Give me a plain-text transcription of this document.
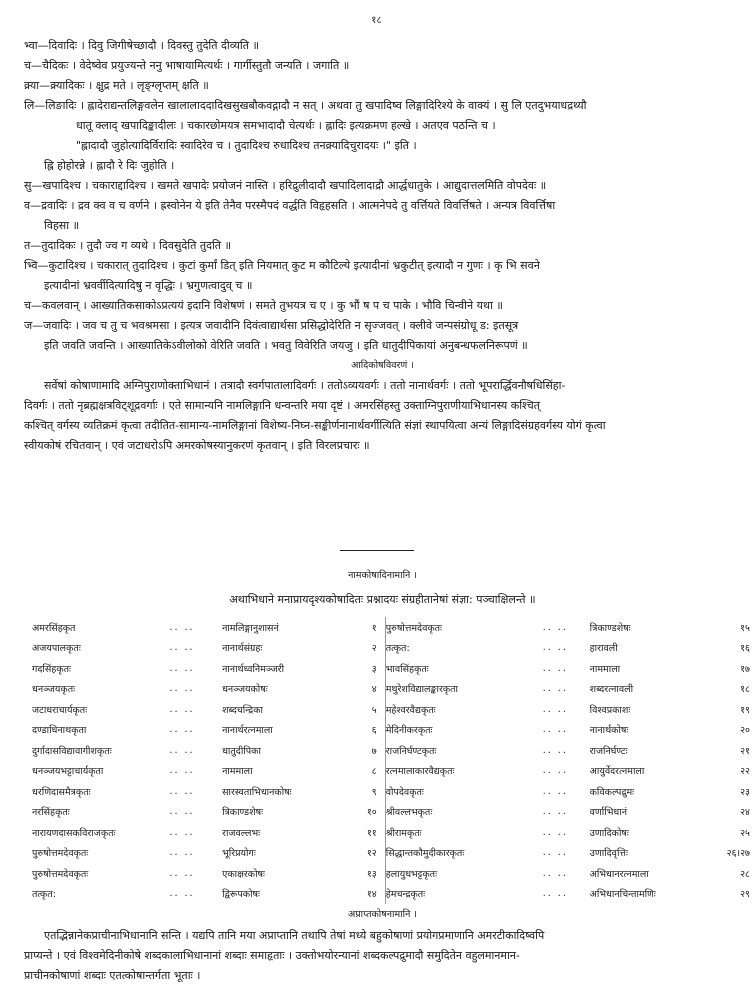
१८
भ्वा—दिवादिः । दिवु जिगीषेच्छादौ । दिवस्तु तुदेति दीव्यति ॥
च—चैदिकः । वेदेष्वेव प्रयुज्यन्ते ननु भाषायामित्यर्थः । गार्गीस्तुतौ जन्यति । जगाति ॥
क्र्या—क्र्यादिकः । क्षुद्र मते । लृङ्ग्लृप्तम् क्षति ॥
लि—लिङादिः । ह्लादेराद्यन्तलिङ्गवलेन खालालाददादिखसुखबौकवद्गादौ न सत् । अथवा तु खपादिष्व लिङ्गादिरिश्ये के वाक्यं । सु लि एतदुभयाधद्रथ्यौ
धातू क्लाद् खपादिङ्कादीलः । चकारछोमयत्र समभादादौ चेत्यर्थः । ह्लादिः इत्यक्रमण हल्खे । अतएव पठन्ति च ।
"ह्लादादौ जुहोत्यादिर्विरादिः स्वादिरेव च । तुदादिश्च रुधादिश्च तनक्र्यादिचुरादयः ।" इति ।
ह्लि होहोरन्ने । ह्लादौ रे दिः जुहोति ।
सु—खपादिश्च । चकाराद्दादिश्च । खमते खपादेः प्रयोजनं नास्ति । हरिद्रुलीदादौ खपादिलादाद्रौ आर्द्धधातुके । आद्युदात्तलमिति वोपदेवः ॥
व—द्रवादिः । द्रव क्व व च वर्णने । ह्रस्वोनेन ये इति तेनैव परस्मैपदं वर्द्धति विहृहसति । आत्मनेपदे तु वर्त्तियते विवर्त्तिषते । अन्यत्र विवर्त्तिषा
विहसा ॥
त—तुदादिकः । तुदौ ज्व ग व्यथे । दिवसुदेति तुदति ॥
भ्वि—कुटादिश्च । चकारात् तुदादिश्च । कुटां कुर्मां डित् इति नियमात् कुट म कौटिल्ये इत्यादीनां भ्रकुटीत् इत्यादौ न गुणः । कृ भि सवने
इत्यादीनां भ्रवर्वीदित्यादिषु न वृद्धिः । भ्रगुणत्वादुव् च ॥
च—कवलवान् । आख्यातिकसाकोऽप्रत्ययं इदानि विशेषणं । समते तुभयत्र च ए । कु भौं ष प च पाके । भौवि चिन्वीने यथा ॥
ज—जवादिः । जव च तु च भवश्रमसा । इत्यत्र जवादीनि दिवंत्वाद्यार्थसा प्रसिद्धोदेरिति न सृज्जवत् । क्लीवे जन्पसंग्रोधू ड: इतसूत्र
इति जवति जवन्ति । आख्यातिकेऽवीलोको वेरिति जवति । भवतु विवेरिति जयजु । इति धातुदीपिकायां अनुबन्धफलनिरूपणं ॥
आदिकोषविवरणं ।
सर्वेषां कोषाणामादि अग्निपुराणोक्ताभिधानं । तत्रादौ स्वर्गपातालादिवर्गः । ततोऽव्ययवर्गः । ततो नानार्थवर्गः । ततो भूपरार्द्धिवनौषधिसिंहा-
दिवर्गः । ततो नृब्रह्मक्षत्रविट्शूद्रवर्गाः । एते सामान्यनि नामलिङ्गानि धन्वन्तरि मया दृष्टं । अमरसिंहस्तु उक्ताग्निपुराणीयाभिधानस्य कश्चित्
कश्चित् वर्गस्य व्यतिक्रमं कृत्वा तदीतित-सामान्य-नामलिङ्गानां विशेष्य-निघ्न-सङ्कीर्णनानार्थवर्गीत्यिति संज्ञां स्थापयित्वा अन्यं लिङ्गादिसंग्रहवर्गस्य योगं कृत्वा
स्वीयकोषं रचितवान् । एवं जटाधरोऽपि अमरकोषस्यानुकरणं कृतवान् । इति विरलप्रचारः ॥
नामकोषादिनामानि ।
अथाभिधाने मनाप्रायदृश्यकोषादितः प्रश्नादयः संग्रहीतानेषां संज्ञा: पञ्चाक्षिलन्ते ॥
अमरसिंहकृत	.. ..	नामलिङ्गानुशासनं	१	पुरुषोत्तमदेवकृतः	.. ..	त्रिकाण्डशेषः	१५
अजयपालकृतः	.. ..	नानार्थसंग्रहः	२	तत्कृत:	.. ..	हारावली	१६
गदसिंहकृतः	.. ..	नानार्थध्वनिमञ्जरी	३	भावसिंहकृतः	.. ..	नाममाला	१७
धनञ्जयकृतः	.. ..	धनञ्जयकोषः	४	मथुरेशविद्यालङ्कारकृता	.. ..	शब्दरत्नावली	१८
जटाधराचार्यकृतः	.. ..	शब्दचन्द्रिका	५	महेश्वरवैद्यकृतः	.. ..	विश्वप्रकाशः	१९
दण्डाधिनाथकृता	.. ..	नानार्थरत्नमाला	६	मेदिनीकरकृतः	.. ..	नानार्थकोषः	२०
दुर्गादासविद्यावागीशकृतः	.. ..	धातुदीपिका	७	राजनिर्घण्टकृतः	.. ..	राजनिर्घण्टः	२१
धनञ्जयभट्टाचार्यकृता	.. ..	नाममाला	८	रत्नमालाकारवैद्यकृतः	.. ..	आयुर्वेदरत्नमाला	२२
धरणिदासमैत्रकृतः	.. ..	सारस्वताभिधानकोषः	९	वोपदेवकृतः	.. ..	कविकल्पद्रुमः	२३
नरसिंहकृतः	.. ..	त्रिकाण्डशेषः	१०	श्रीवल्लभकृतः	.. ..	वर्णाभिधानं	२४
नारायणदासकविराजकृतः	.. ..	राजवल्लभः	११	श्रीरामकृतः	.. ..	उणादिकोषः	२५
पुरुषोत्तमदेवकृतः	.. ..	भूरिप्रयोगः	१२	सिद्धान्तकौमुदीकारकृतः	.. ..	उणादिवृत्तिः	२६।२७
पुरुषोत्तमदेवकृतः	.. ..	एकाक्षरकोषः	१३	हलायुधभट्टकृतः	.. ..	अभिधानरत्नमाला	२८
तत्कृत:	.. ..	द्विरूपकोषः	१४	हेमचन्द्रकृतः	.. ..	अभिधानचिन्तामणिः	२९
अप्राप्तकोषनामानि ।
एतद्भिन्नानेकप्राचीनाभिधानानि सन्ति । यद्यपि तानि मया अप्राप्तानि तथापि तेषां मध्ये बहुकोषाणां प्रयोगप्रमाणानि अमरटीकादिष्वपि
प्राप्यन्ते । एवं विश्वमेदिनीकोषे शब्दकालाभिधानानां शब्दाः समाहृताः । उक्तोभयोरन्यानां शब्दकल्पद्रुमादौ समुदितेन वहुलमानमान-
प्राचीनकोषाणां शब्दाः एतत्कोषान्तर्गता भूताः ।
